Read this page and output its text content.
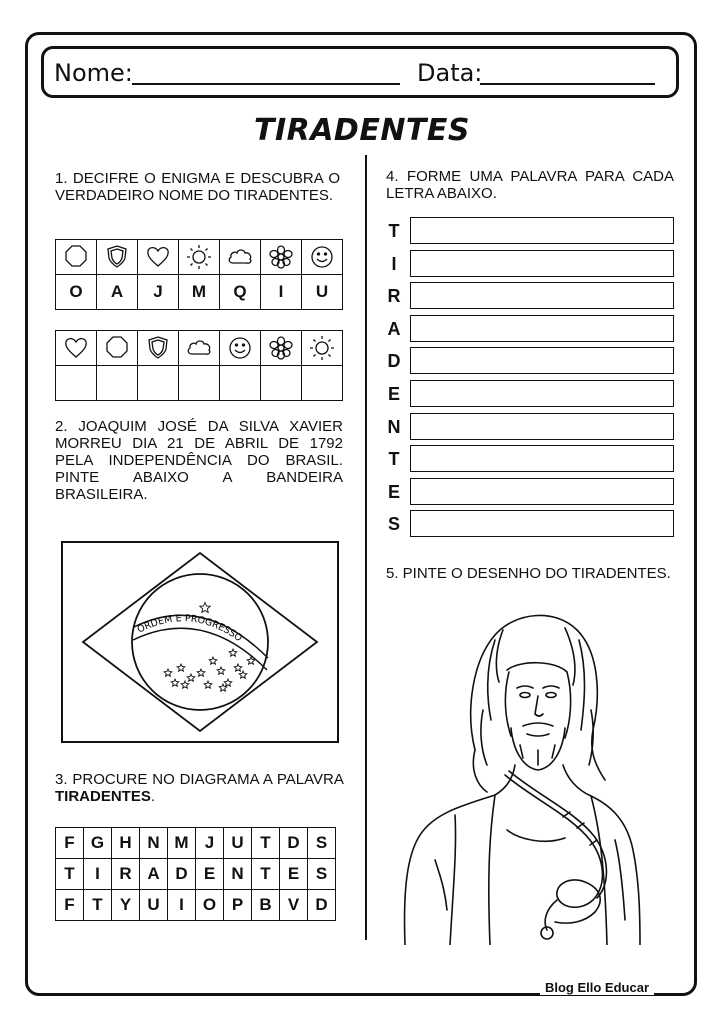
Nome:	Data:
TIRADENTES
1. DECIFRE O ENIGMA E DESCUBRA O VERDADEIRO NOME DO TIRADENTES.

O	A	J	M	Q	I	U

2. JOAQUIM JOSÉ DA SILVA XAVIER MORREU DIA 21 DE ABRIL DE 1792 PELA INDEPENDÊNCIA DO BRASIL. PINTE ABAIXO A BANDEIRA BRASILEIRA.
ORDEM E PROGRESSO
3. PROCURE NO DIAGRAMA A PALAVRA TIRADENTES.
F	G	H	N	M	J	U	T	D	S
T	I	R	A	D	E	N	T	E	S
F	T	Y	U	I	O	P	B	V	D
4. FORME UMA PALAVRA PARA CADA LETRA ABAIXO.
T
I
R
A
D
E
N
T
E
S
5. PINTE O DESENHO DO TIRADENTES.
Blog Ello Educar
